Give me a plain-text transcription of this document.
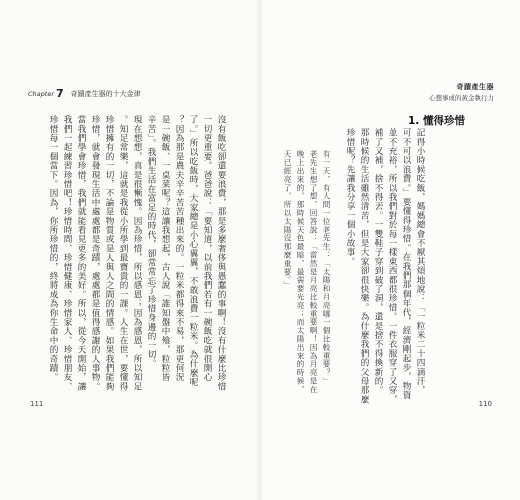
Chapter 7 奇蹟產生器的十大金律
奇蹟產生器
心想事成的黃金執行力
1. 懂得珍惜
記得小時候吃飯，媽媽總會不厭其煩地說：「一粒米二十四滴汗，
可不可以浪費。」要懂得珍惜。在我們那個年代，經濟剛起步，物資
並不充裕，所以我們對於每一樣東西都很珍惜。一件衣服穿了又穿，
補了又補，捨不得丟。一雙鞋子穿到破了洞，還是捨不得換新的。
那時候的生活雖然清苦，但是大家卻很快樂。為什麼我們的父母那麼
珍惜呢？先讓我分享一個小故事。
有一天，有人問一位老先生：「太陽和月亮哪一個比較重要？」
老先生想了想，回答說：「當然是月亮比較重要啊！因為月亮是在
晚上出來的，那時候天色最暗，最需要光亮；而太陽出來的時候，
天已經亮了，所以太陽沒那麼重要。」
沒有飯吃卻還要浪費，那是多麼奢侈與愚蠢的事啊！沒有什麼比珍惜
一切更重要。爸爸說：「要知道，以前我們若有一碗飯吃就很開心
了。」所以吃飯時，大家總是小心翼翼，不敢浪費一粒米。為什麼呢
？因為那是農夫辛辛苦苦種出來的。一粒米都得來不易，那更何況
是一碗飯、一桌菜呢？這讓我想起，古人說「誰知盤中飧，粒粒皆
辛苦」。我們生活在富足的時代，卻常常忘了珍惜身邊的一切。
現在想想，真是很慚愧。因為珍惜，所以感恩；因為感恩，所以知足
。知足常樂，這就是我從小所學到最寶貴的一課。人生在世，要懂得
珍惜擁有的一切，不論是物質或是人與人之間的情感。如果我們能夠
珍惜，就會發現生活中處處都是奇蹟，處處都是值得感謝的人事物。
當我們學會珍惜，我們就能看見更多的美好。所以，從今天開始，讓
我們一起練習珍惜吧！珍惜時間、珍惜健康、珍惜家人、珍惜朋友、
珍惜每一個當下。因為，你所珍惜的，終將成為你生命中的奇蹟。
111	110
